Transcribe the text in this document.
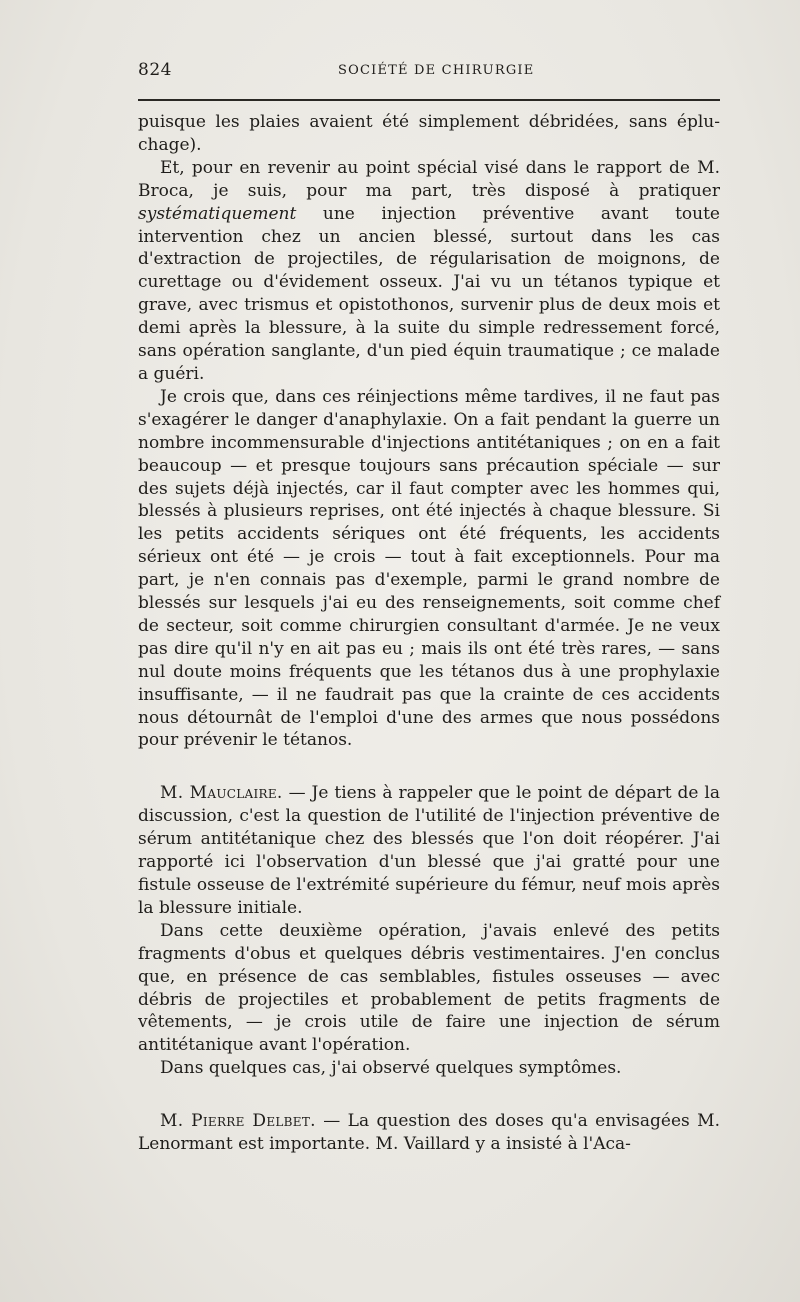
824	SOCIÉTÉ DE CHIRURGIE

puisque les plaies avaient été simplement débridées, sans éplu-chage).

Et, pour en revenir au point spécial visé dans le rapport de M. Broca, je suis, pour ma part, très disposé à pratiquer systématiquement une injection préventive avant toute intervention chez un ancien blessé, surtout dans les cas d'extraction de projectiles, de régularisation de moignons, de curettage ou d'évidement osseux. J'ai vu un tétanos typique et grave, avec trismus et opistothonos, survenir plus de deux mois et demi après la blessure, à la suite du simple redressement forcé, sans opération sanglante, d'un pied équin traumatique ; ce malade a guéri.

Je crois que, dans ces réinjections même tardives, il ne faut pas s'exagérer le danger d'anaphylaxie. On a fait pendant la guerre un nombre incommensurable d'injections antitétaniques ; on en a fait beaucoup — et presque toujours sans précaution spéciale — sur des sujets déjà injectés, car il faut compter avec les hommes qui, blessés à plusieurs reprises, ont été injectés à chaque blessure. Si les petits accidents sériques ont été fréquents, les accidents sérieux ont été — je crois — tout à fait exceptionnels. Pour ma part, je n'en connais pas d'exemple, parmi le grand nombre de blessés sur lesquels j'ai eu des renseignements, soit comme chef de secteur, soit comme chirurgien consultant d'armée. Je ne veux pas dire qu'il n'y en ait pas eu ; mais ils ont été très rares, — sans nul doute moins fréquents que les tétanos dus à une prophylaxie insuffisante, — il ne faudrait pas que la crainte de ces accidents nous détournât de l'emploi d'une des armes que nous possédons pour prévenir le tétanos.

M. Mauclaire. — Je tiens à rappeler que le point de départ de la discussion, c'est la question de l'utilité de l'injection préventive de sérum antitétanique chez des blessés que l'on doit réopérer. J'ai rapporté ici l'observation d'un blessé que j'ai gratté pour une fistule osseuse de l'extrémité supérieure du fémur, neuf mois après la blessure initiale.

Dans cette deuxième opération, j'avais enlevé des petits fragments d'obus et quelques débris vestimentaires. J'en conclus que, en présence de cas semblables, fistules osseuses — avec débris de projectiles et probablement de petits fragments de vêtements, — je crois utile de faire une injection de sérum antitétanique avant l'opération.

Dans quelques cas, j'ai observé quelques symptômes.

M. Pierre Delbet. — La question des doses qu'a envisagées M. Lenormant est importante. M. Vaillard y a insisté à l'Aca-
